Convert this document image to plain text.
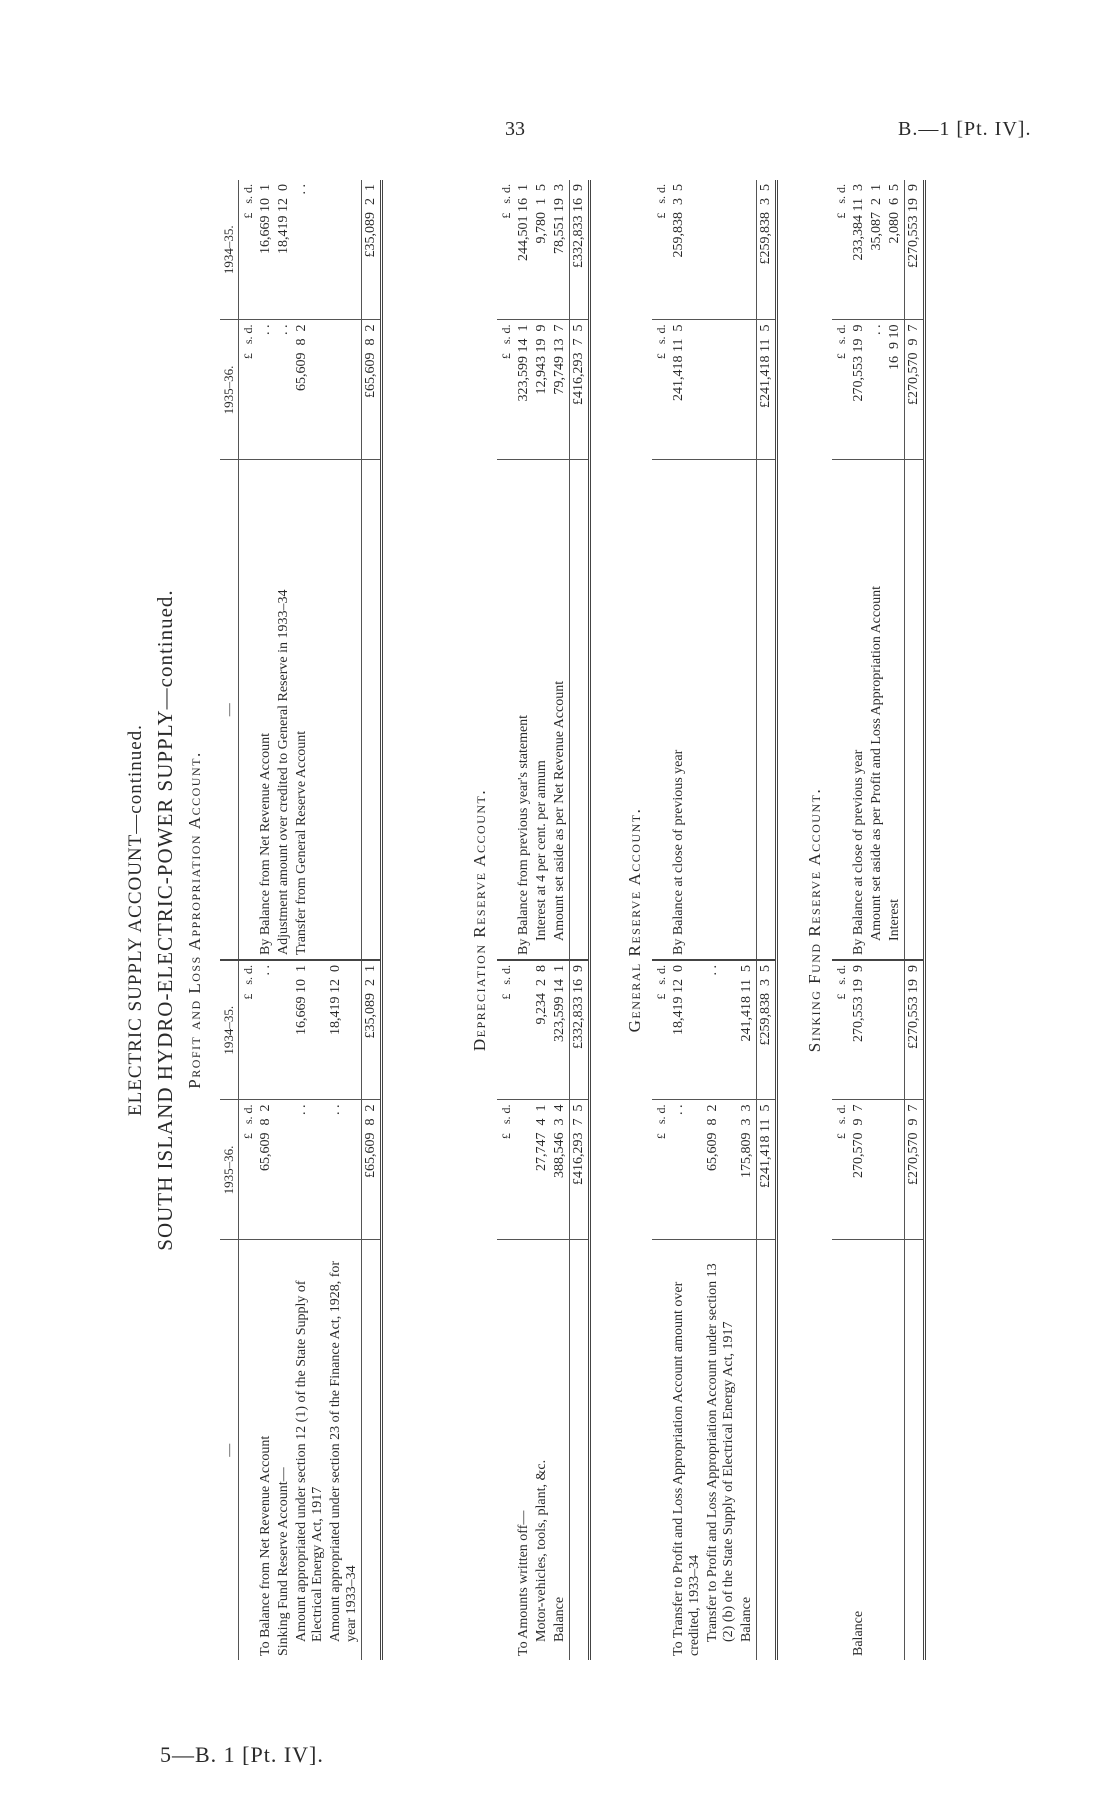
33	B.—1 [Pt. IV].
5—B. 1 [Pt. IV].
ELECTRIC SUPPLY ACCOUNT—continued. SOUTH ISLAND HYDRO-ELECTRIC-POWER SUPPLY—continued. Profit and Loss Appropriation Account.
—	1935–36.	1934–35.	—	1935–36.	1934–35.
	£   s. d.	£   s. d.		£   s. d.	£   s. d.
To Balance from Net Revenue Account	65,609  8  2	. .	By Balance from Net Revenue Account	. .	16,669 10  1
Sinking Fund Reserve Account—			Adjustment amount over credited to General Reserve in 1933–34	. .	18,419 12  0
Amount appropriated under section 12 (1) of the State Supply of Electrical Energy Act, 1917	. .	16,669 10  1	Transfer from General Reserve Account	65,609  8  2	. .
Amount appropriated under section 23 of the Finance Act, 1928, for year 1933–34	. .	18,419 12  0			
	£65,609  8  2	£35,089  2  1		£65,609  8  2	£35,089  2  1
Depreciation Reserve Account.
	£   s. d.	£   s. d.		£   s. d.	£   s. d.
To Amounts written off—			By Balance from previous year's statement	323,599 14  1	244,501 16  1
Motor-vehicles, tools, plant, &c.	27,747  4  1	9,234  2  8	Interest at 4 per cent. per annum	12,943 19  9	9,780  1  5
Balance	388,546  3  4	323,599 14  1	Amount set aside as per Net Revenue Account	79,749 13  7	78,551 19  3
	£416,293  7  5	£332,833 16  9		£416,293  7  5	£332,833 16  9
General Reserve Account.
	£   s. d.	£   s. d.		£   s. d.	£   s. d.
To Transfer to Profit and Loss Appropriation Account amount over credited, 1933–34	. .	18,419 12  0	By Balance at close of previous year	241,418 11  5	259,838  3  5
Transfer to Profit and Loss Appropriation Account under section 13 (2) (b) of the State Supply of Electrical Energy Act, 1917	65,609  8  2	. .			
Balance	175,809  3  3	241,418 11  5			
	£241,418 11  5	£259,838  3  5		£241,418 11  5	£259,838  3  5
Sinking Fund Reserve Account.
	£   s. d.	£   s. d.		£   s. d.	£   s. d.
Balance	270,570  9  7	270,553 19  9	By Balance at close of previous year	270,553 19  9	233,384 11  3
			Amount set aside as per Profit and Loss Appropriation Account	. .	35,087  2  1
			Interest	16  9 10	2,080  6  5
	£270,570  9  7	£270,553 19  9		£270,570  9  7	£270,553 19  9
